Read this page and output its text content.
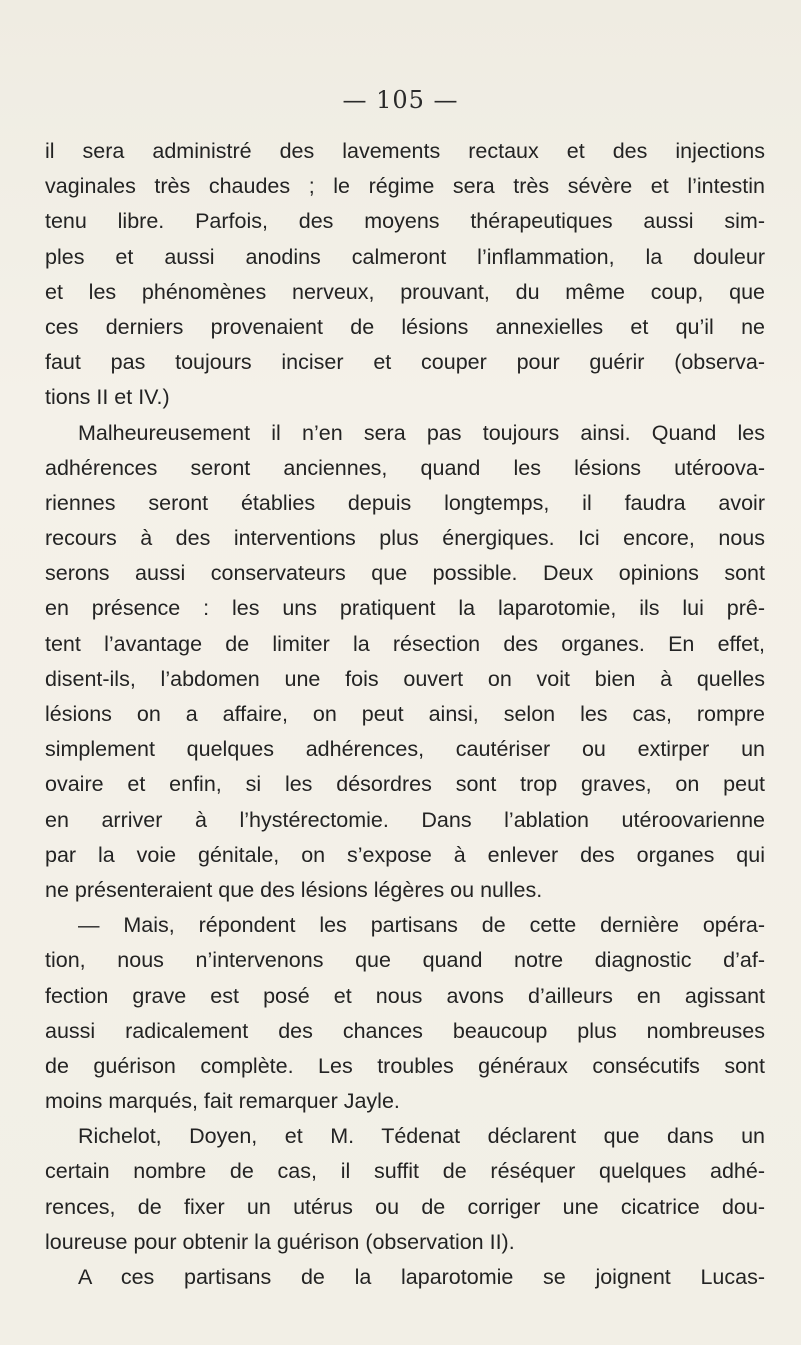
— 105 —
il sera administré des lavements rectaux et des injections
vaginales très chaudes ; le régime sera très sévère et l’intestin
tenu libre. Parfois, des moyens thérapeutiques aussi sim-
ples et aussi anodins calmeront l’inflammation, la douleur
et les phénomènes nerveux, prouvant, du même coup, que
ces derniers provenaient de lésions annexielles et qu’il ne
faut pas toujours inciser et couper pour guérir (observa-
tions II et IV.)
Malheureusement il n’en sera pas toujours ainsi. Quand les
adhérences seront anciennes, quand les lésions utéroova-
riennes seront établies depuis longtemps, il faudra avoir
recours à des interventions plus énergiques. Ici encore, nous
serons aussi conservateurs que possible. Deux opinions sont
en présence : les uns pratiquent la laparotomie, ils lui prê-
tent l’avantage de limiter la résection des organes. En effet,
disent-ils, l’abdomen une fois ouvert on voit bien à quelles
lésions on a affaire, on peut ainsi, selon les cas, rompre
simplement quelques adhérences, cautériser ou extirper un
ovaire et enfin, si les désordres sont trop graves, on peut
en arriver à l’hystérectomie. Dans l’ablation utéroovarienne
par la voie génitale, on s’expose à enlever des organes qui
ne présenteraient que des lésions légères ou nulles.
— Mais, répondent les partisans de cette dernière opéra-
tion, nous n’intervenons que quand notre diagnostic d’af-
fection grave est posé et nous avons d’ailleurs en agissant
aussi radicalement des chances beaucoup plus nombreuses
de guérison complète. Les troubles généraux consécutifs sont
moins marqués, fait remarquer Jayle.
Richelot, Doyen, et M. Tédenat déclarent que dans un
certain nombre de cas, il suffit de réséquer quelques adhé-
rences, de fixer un utérus ou de corriger une cicatrice dou-
loureuse pour obtenir la guérison (observation II).
A ces partisans de la laparotomie se joignent Lucas-
